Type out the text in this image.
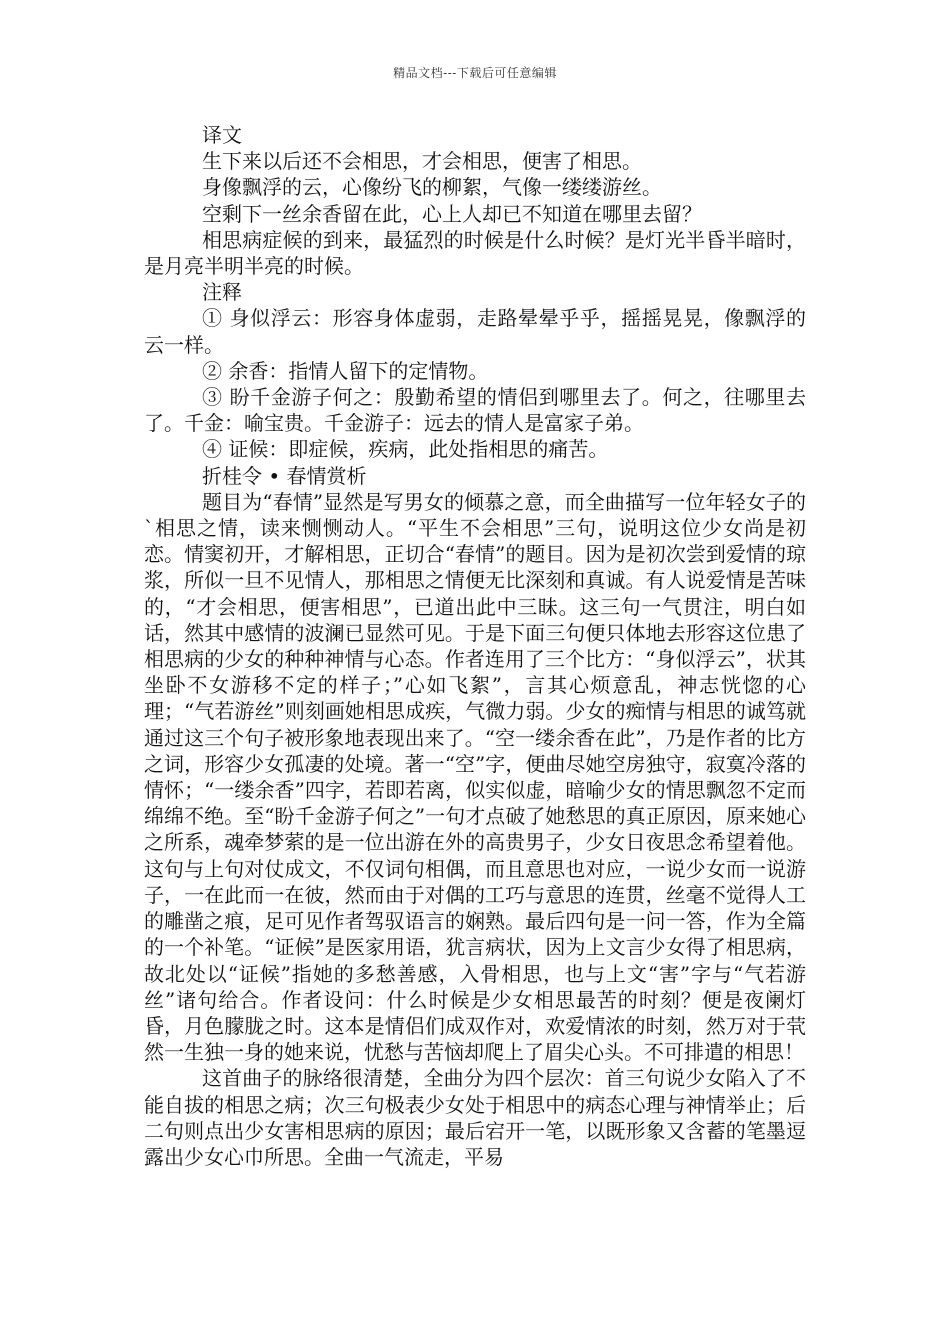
精品文档---下载后可任意编辑

译文

生下来以后还不会相思，才会相思，便害了相思。

身像飘浮的云，心像纷飞的柳絮，气像一缕缕游丝。

空剩下一丝余香留在此，心上人却已不知道在哪里去留？

相思病症候的到来，最猛烈的时候是什么时候？是灯光半昏半暗时，是月亮半明半亮的时候。

注释

① 身似浮云：形容身体虚弱，走路晕晕乎乎，摇摇晃晃，像飘浮的云一样。

② 余香：指情人留下的定情物。

③ 盼千金游子何之：殷勤希望的情侣到哪里去了。何之，往哪里去了。千金：喻宝贵。千金游子：远去的情人是富家子弟。

④ 证候：即症候，疾病，此处指相思的痛苦。

折桂令 • 春情赏析

题目为“春情”显然是写男女的倾慕之意，而全曲描写一位年轻女子的`相思之情，读来恻恻动人。“平生不会相思”三句，说明这位少女尚是初恋。情窦初开，才解相思，正切合“春情”的题目。因为是初次尝到爱情的琼浆，所似一旦不见情人，那相思之情便无比深刻和真诚。有人说爱情是苦味的，“才会相思，便害相思”，已道出此中三昧。这三句一气贯注，明白如话，然其中感情的波澜已显然可见。于是下面三句便只体地去形容这位患了相思病的少女的种种神情与心态。作者连用了三个比方：“身似浮云”，状其坐卧不女游移不定的样子；”心如飞絮”，言其心烦意乱，神志恍惚的心理；“气若游丝”则刻画她相思成疾，气微力弱。少女的痴情与相思的诚笃就通过这三个句子被形象地表现出来了。“空一缕余香在此”，乃是作者的比方之词，形容少女孤凄的处境。著一“空”字，便曲尽她空房独守，寂寞冷落的情怀；“一缕余香”四字，若即若离，似实似虚，暗喻少女的情思飘忽不定而绵绵不绝。至“盼千金游子何之”一句才点破了她愁思的真正原因，原来她心之所系，魂牵梦萦的是一位出游在外的高贵男子，少女日夜思念希望着他。这句与上句对仗成文，不仅词句相偶，而且意思也对应，一说少女而一说游子，一在此而一在彼，然而由于对偶的工巧与意思的连贯，丝毫不觉得人工的雕凿之痕，足可见作者驾驭语言的娴熟。最后四句是一问一答，作为全篇的一个补笔。“证候”是医家用语，犹言病状，因为上文言少女得了相思病，故北处以“证候”指她的多愁善感，入骨相思，也与上文“害”字与“气若游丝”诸句给合。作者设问：什么时候是少女相思最苦的时刻？便是夜阑灯昏，月色朦胧之时。这本是情侣们成双作对，欢爱情浓的时刻，然万对于茕然一生独一身的她来说，忧愁与苦恼却爬上了眉尖心头。不可排遣的相思！

这首曲子的脉络很清楚，全曲分为四个层次：首三句说少女陷入了不能自拔的相思之病；次三句极表少女处于相思中的病态心理与神情举止；后二句则点出少女害相思病的原因；最后宕开一笔，以既形象又含蓄的笔墨逗露出少女心巾所思。全曲一气流走，平易
